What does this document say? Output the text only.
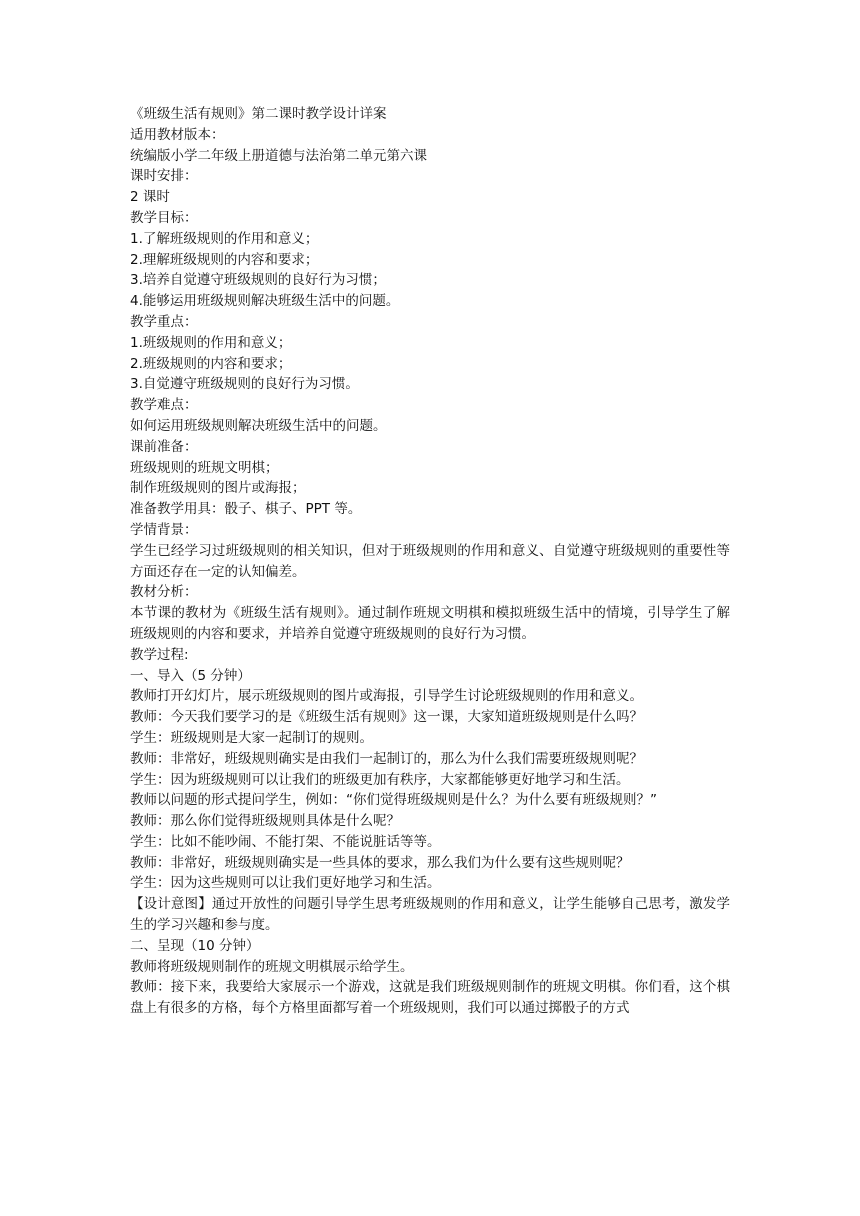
《班级生活有规则》第二课时教学设计详案
适用教材版本：
统编版小学二年级上册道德与法治第二单元第六课
课时安排：
2 课时
教学目标：
1.了解班级规则的作用和意义；
2.理解班级规则的内容和要求；
3.培养自觉遵守班级规则的良好行为习惯；
4.能够运用班级规则解决班级生活中的问题。
教学重点：
1.班级规则的作用和意义；
2.班级规则的内容和要求；
3.自觉遵守班级规则的良好行为习惯。
教学难点：
如何运用班级规则解决班级生活中的问题。
课前准备：
班级规则的班规文明棋；
制作班级规则的图片或海报；
准备教学用具：骰子、棋子、PPT 等。
学情背景：
学生已经学习过班级规则的相关知识，但对于班级规则的作用和意义、自觉遵守班级规则的重要性等方面还存在一定的认知偏差。
教材分析：
本节课的教材为《班级生活有规则》。通过制作班规文明棋和模拟班级生活中的情境，引导学生了解班级规则的内容和要求，并培养自觉遵守班级规则的良好行为习惯。
教学过程:
一、导入（5 分钟）
教师打开幻灯片，展示班级规则的图片或海报，引导学生讨论班级规则的作用和意义。
教师：今天我们要学习的是《班级生活有规则》这一课，大家知道班级规则是什么吗？
学生：班级规则是大家一起制订的规则。
教师：非常好，班级规则确实是由我们一起制订的，那么为什么我们需要班级规则呢？
学生：因为班级规则可以让我们的班级更加有秩序，大家都能够更好地学习和生活。
教师以问题的形式提问学生，例如：“你们觉得班级规则是什么？为什么要有班级规则？”
教师：那么你们觉得班级规则具体是什么呢？
学生：比如不能吵闹、不能打架、不能说脏话等等。
教师：非常好，班级规则确实是一些具体的要求，那么我们为什么要有这些规则呢？
学生：因为这些规则可以让我们更好地学习和生活。
【设计意图】通过开放性的问题引导学生思考班级规则的作用和意义，让学生能够自己思考，激发学生的学习兴趣和参与度。
二、呈现（10 分钟）
教师将班级规则制作的班规文明棋展示给学生。
教师：接下来，我要给大家展示一个游戏，这就是我们班级规则制作的班规文明棋。你们看，这个棋盘上有很多的方格，每个方格里面都写着一个班级规则，我们可以通过掷骰子的方式
